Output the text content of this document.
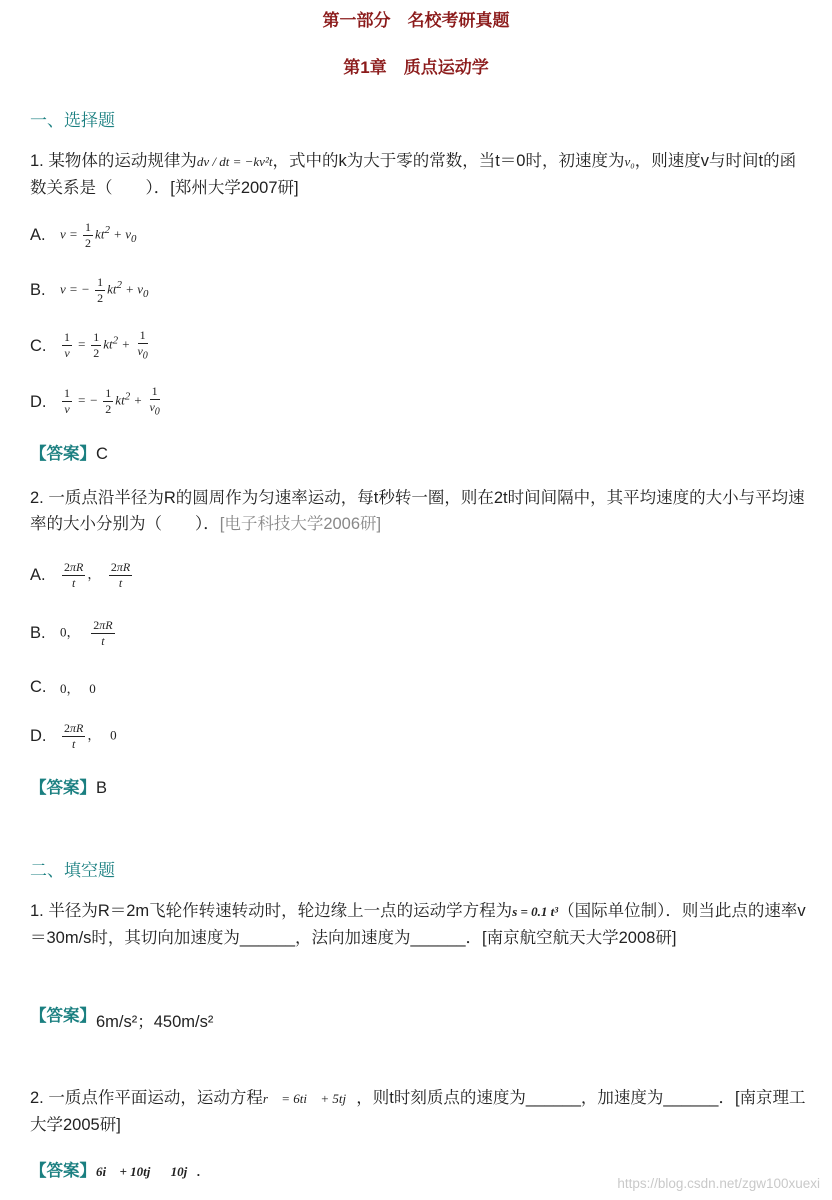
第一部分　名校考研真题
第1章　质点运动学
一、选择题
1. 某物体的运动规律为dv / dt = −kv²t，式中的k为大于零的常数，当t＝0时，初速度为v₀，则速度v与时间t的函数关系是（　　）．[郑州大学2007研]
A.	$v = \frac{1}{2} kt^2 + v_0$
B.	v = − $\frac{1}{2} kt^2 + v_0$
C.	$\frac{1}{v} = \frac{1}{2} kt^2 + \frac{1}{v_0}$
D.	$\frac{1}{v}$ = − $\frac{1}{2} kt^2 + \frac{1}{v_0}$
【答案】C
2. 一质点沿半径为R的圆周作为匀速率运动，每t秒转一圈，则在2t时间间隔中，其平均速度的大小与平均速率的大小分别为（　　）．[电子科技大学2006研]
A.	$\frac{2\pi R}{t}$ ， $\frac{2\pi R}{t}$
B.	0， $\frac{2\pi R}{t}$
C.	0，   0
D.	$\frac{2\pi R}{t}$ ，   0
【答案】B
二、填空题
1. 半径为R＝2m飞轮作转速转动时，轮边缘上一点的运动学方程为s = 0.1 t³（国际单位制）．则当此点的速率v＝30m/s时，其切向加速度为______，法向加速度为______．[南京航空航天大学2008研]
【答案】6m/s²；450m/s²
2. 一质点作平面运动，运动方程r⃗ = 6ti⃗ + 5tj⃗，则t时刻质点的速度为______，加速度为______．[南京理工大学2005研]
【答案】6i⃗ + 10tj⃗；10j⃗.
https://blog.csdn.net/zgw100xuexi
